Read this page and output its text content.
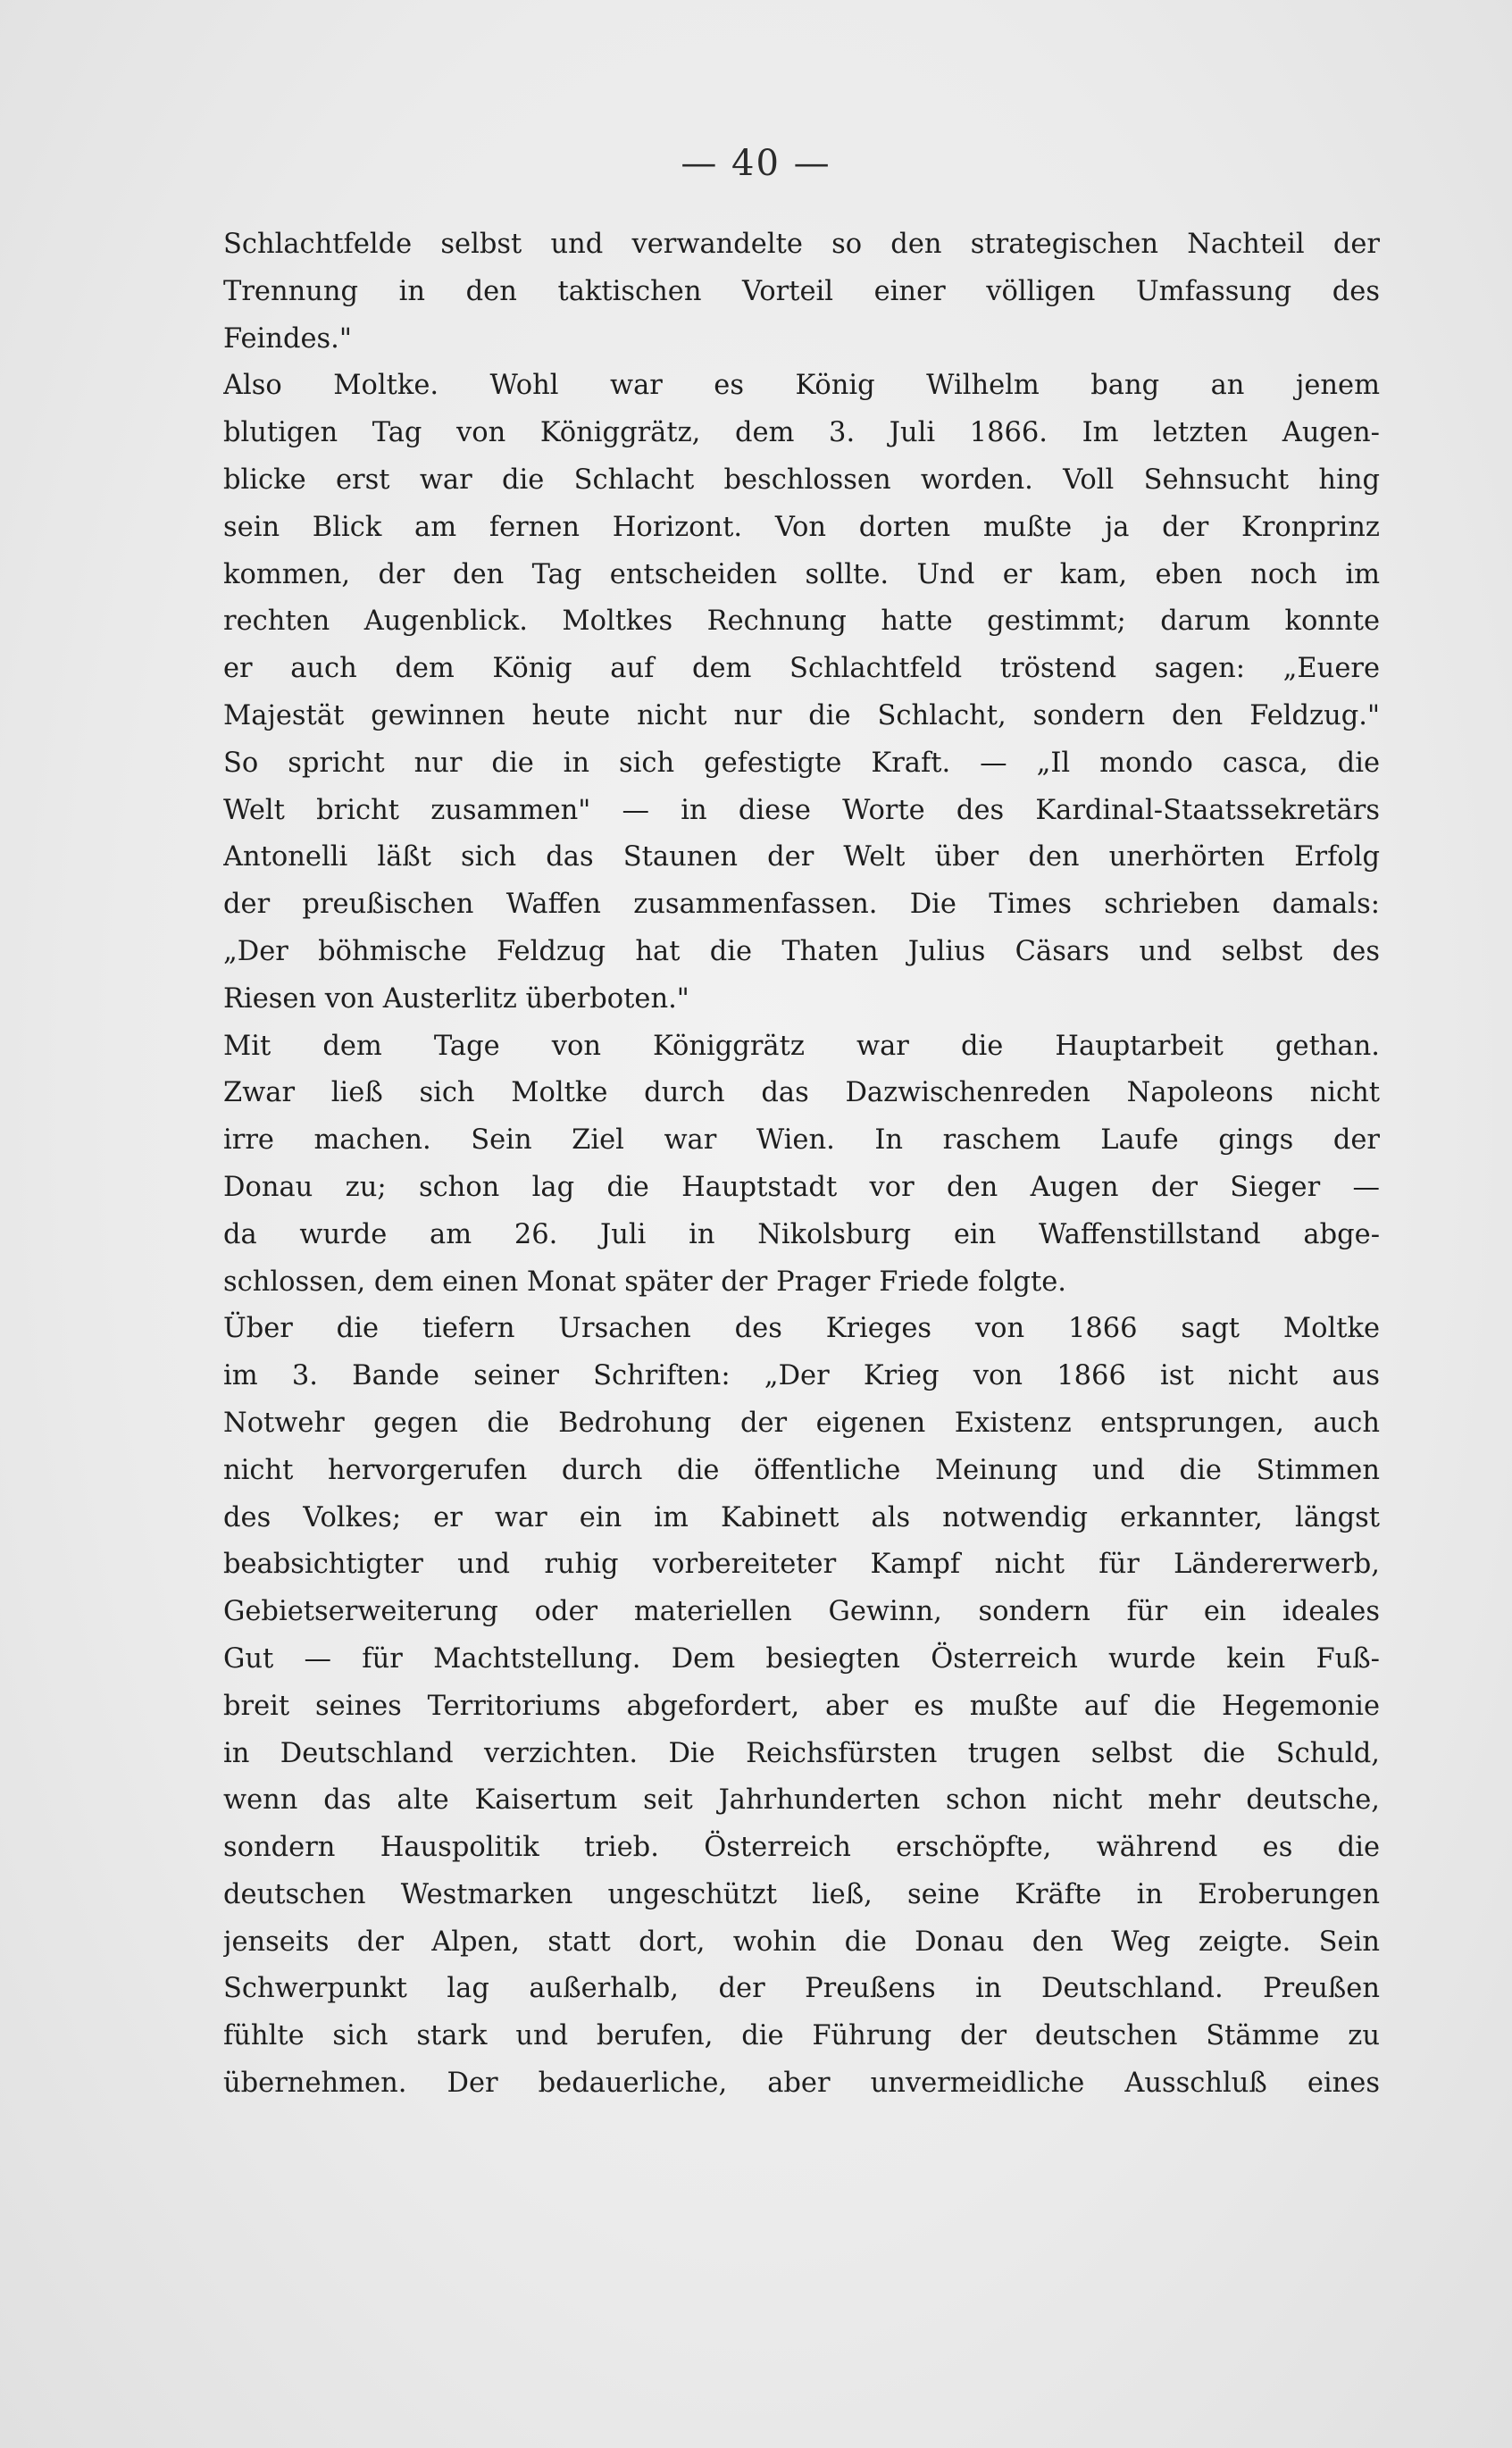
— 40 —
Schlachtfelde selbst und verwandelte so den strategischen Nachteil der
Trennung in den taktischen Vorteil einer völligen Umfassung des
Feindes."
Also Moltke. Wohl war es König Wilhelm bang an jenem
blutigen Tag von Königgrätz, dem 3. Juli 1866. Im letzten Augen-
blicke erst war die Schlacht beschlossen worden. Voll Sehnsucht hing
sein Blick am fernen Horizont. Von dorten mußte ja der Kronprinz
kommen, der den Tag entscheiden sollte. Und er kam, eben noch im
rechten Augenblick. Moltkes Rechnung hatte gestimmt; darum konnte
er auch dem König auf dem Schlachtfeld tröstend sagen: „Euere
Majestät gewinnen heute nicht nur die Schlacht, sondern den Feldzug."
So spricht nur die in sich gefestigte Kraft. — „Il mondo casca, die
Welt bricht zusammen" — in diese Worte des Kardinal-Staatssekretärs
Antonelli läßt sich das Staunen der Welt über den unerhörten Erfolg
der preußischen Waffen zusammenfassen. Die Times schrieben damals:
„Der böhmische Feldzug hat die Thaten Julius Cäsars und selbst des
Riesen von Austerlitz überboten."
Mit dem Tage von Königgrätz war die Hauptarbeit gethan.
Zwar ließ sich Moltke durch das Dazwischenreden Napoleons nicht
irre machen. Sein Ziel war Wien. In raschem Laufe gings der
Donau zu; schon lag die Hauptstadt vor den Augen der Sieger —
da wurde am 26. Juli in Nikolsburg ein Waffenstillstand abge-
schlossen, dem einen Monat später der Prager Friede folgte.
Über die tiefern Ursachen des Krieges von 1866 sagt Moltke
im 3. Bande seiner Schriften: „Der Krieg von 1866 ist nicht aus
Notwehr gegen die Bedrohung der eigenen Existenz entsprungen, auch
nicht hervorgerufen durch die öffentliche Meinung und die Stimmen
des Volkes; er war ein im Kabinett als notwendig erkannter, längst
beabsichtigter und ruhig vorbereiteter Kampf nicht für Ländererwerb,
Gebietserweiterung oder materiellen Gewinn, sondern für ein ideales
Gut — für Machtstellung. Dem besiegten Österreich wurde kein Fuß-
breit seines Territoriums abgefordert, aber es mußte auf die Hegemonie
in Deutschland verzichten. Die Reichsfürsten trugen selbst die Schuld,
wenn das alte Kaisertum seit Jahrhunderten schon nicht mehr deutsche,
sondern Hauspolitik trieb. Österreich erschöpfte, während es die
deutschen Westmarken ungeschützt ließ, seine Kräfte in Eroberungen
jenseits der Alpen, statt dort, wohin die Donau den Weg zeigte. Sein
Schwerpunkt lag außerhalb, der Preußens in Deutschland. Preußen
fühlte sich stark und berufen, die Führung der deutschen Stämme zu
übernehmen. Der bedauerliche, aber unvermeidliche Ausschluß eines
